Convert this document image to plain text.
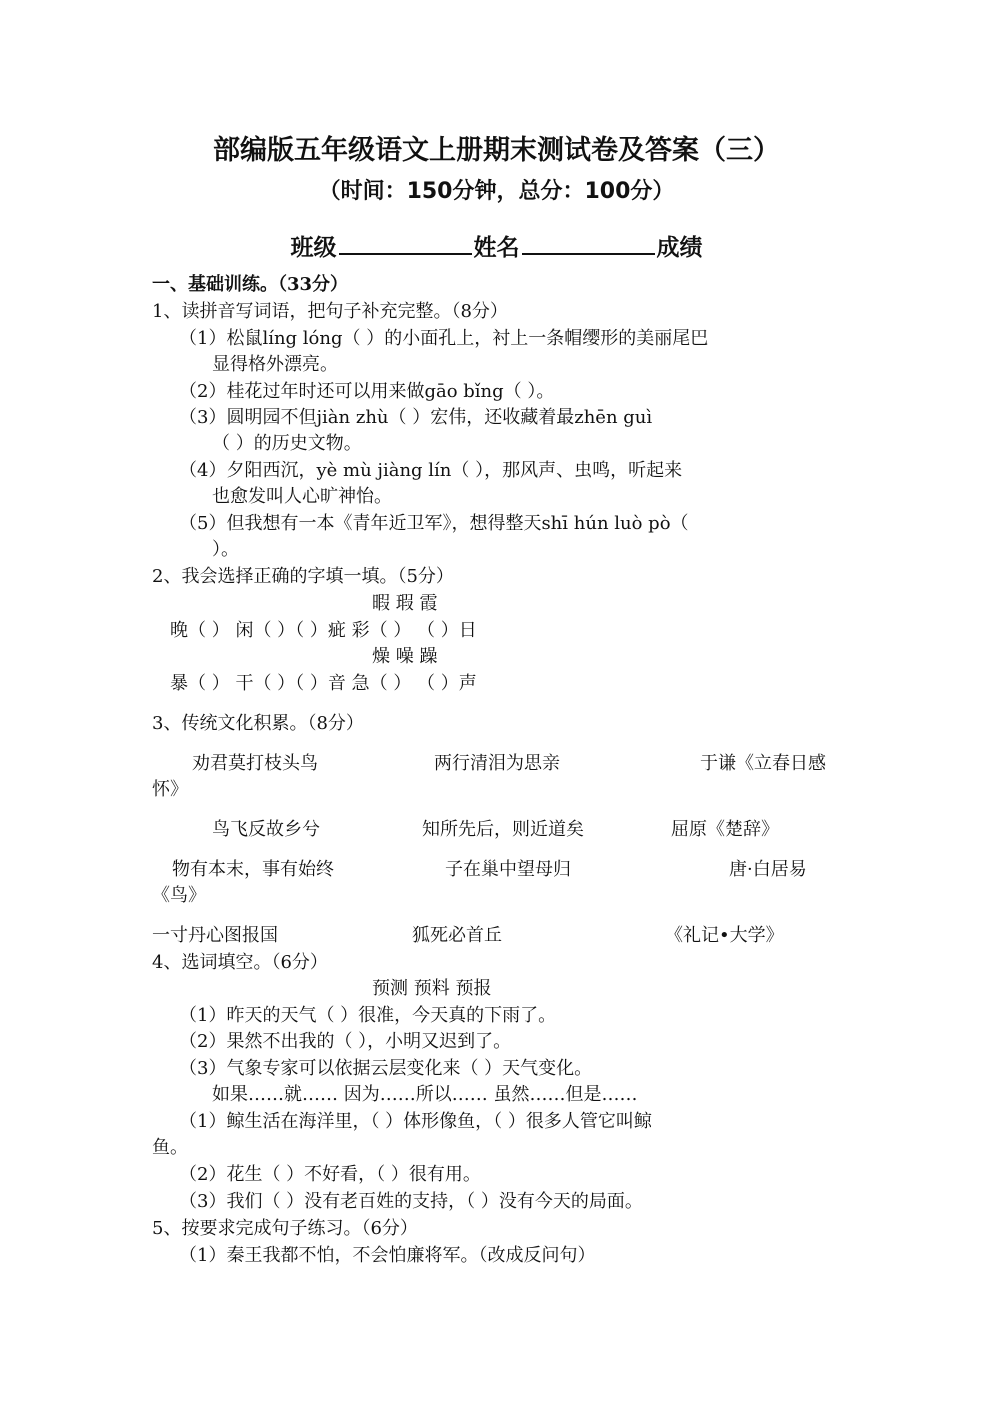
部编版五年级语文上册期末测试卷及答案（三）
（时间：150分钟，总分：100分）
班级	姓名	成绩
一、基础训练。（33分）
1、读拼音写词语，把句子补充完整。（8分）
（1）松鼠líng lóng（ ）的小面孔上，衬上一条帽缨形的美丽尾巴
显得格外漂亮。
（2）桂花过年时还可以用来做gāo bǐng（ ）。
（3）圆明园不但jiàn zhù（ ）宏伟，还收藏着最zhēn guì
（ ）的历史文物。
（4）夕阳西沉，yè mù jiàng lín（ ），那风声、虫鸣，听起来
也愈发叫人心旷神怡。
（5）但我想有一本《青年近卫军》，想得整天shī hún luò pò（
）。
2、我会选择正确的字填一填。（5分）
暇 瑕 霞
晚（ ） 闲（ ）（ ）疵 彩（ ） （ ）日
燥 噪 躁
暴（ ） 干（ ）（ ）音 急（ ） （ ）声
3、传统文化积累。（8分）
劝君莫打枝头鸟	两行清泪为思亲	于谦《立春日感
怀》
鸟飞反故乡兮	知所先后，则近道矣	屈原《楚辞》
物有本末，事有始终	子在巢中望母归	唐·白居易
《鸟》
一寸丹心图报国	狐死必首丘	《礼记•大学》
4、选词填空。（6分）
预测 预料 预报
（1）昨天的天气（ ）很准，今天真的下雨了。
（2）果然不出我的（ ），小明又迟到了。
（3）气象专家可以依据云层变化来（ ）天气变化。
如果……就…… 因为……所以…… 虽然……但是……
（1）鲸生活在海洋里，（ ）体形像鱼，（ ）很多人管它叫鲸
鱼。
（2）花生（ ）不好看，（ ）很有用。
（3）我们（ ）没有老百姓的支持，（ ）没有今天的局面。
5、按要求完成句子练习。（6分）
（1）秦王我都不怕，不会怕廉将军。（改成反问句）
